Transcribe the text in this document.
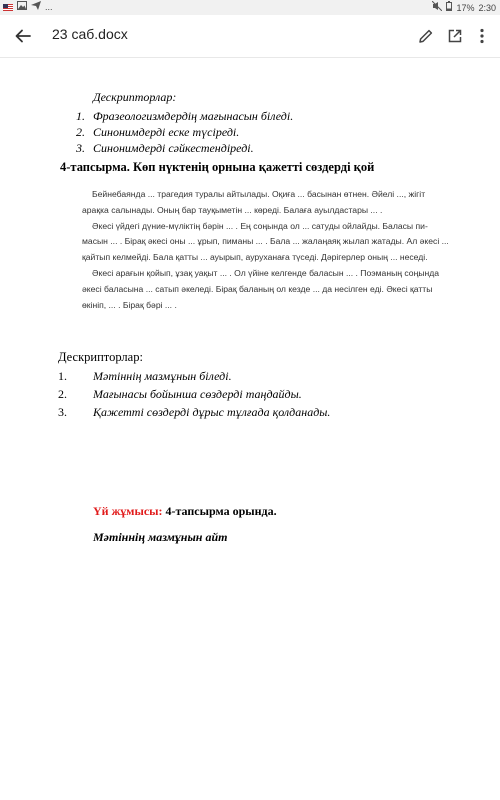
...	17% 2:30
23 саб.docx
Дескрипторлар:
1. Фразеологизмдердің мағынасын біледі.
2. Синонимдерді еске түсіреді.
3. Синонимдерді сәйкестендіреді.
4-тапсырма. Көп нүктенің орнына қажетті сөздерді қой
Бейнебаянда ... трагедия туралы айтылады. Оқиға ... басынан өтнен. Әйелі ..., жігіт
арақка салынады. Оның бар тауқыметін ... көреді. Балаға ауылдастары ... .
Әкесі үйдегі дүние-мүліктің бәрін ... . Ең соңында ол ... сатуды ойлайды. Баласы пи-
масын ... . Бірақ әкесі оны ... ұрып, пиманы ... . Бала ... жалаңаяқ жылап жатады. Ал әкесі ...
қайтып келмейді. Бала қатты ... ауырып, ауруханаға түседі. Дәрігерлер оның ... неседі.
Әкесі арағын қойып, ұзақ уақыт ... . Ол үйіне келгенде баласын ... . Поэманың соңында
әкесі баласына ... сатып әкеледі. Бірақ баланың ол кезде ... да несілген еді. Әкесі қатты
өкініп, ... . Бірақ бәрі ... .
Дескрипторлар:
1. Мәтіннің мазмұнын біледі.
2. Мағынасы бойынша сөздерді таңдайды.
3. Қажетті сөздерді дұрыс тұлғада қолданады.
Үй жұмысы: 4-тапсырма орында.
Мәтіннің мазмұнын айт
